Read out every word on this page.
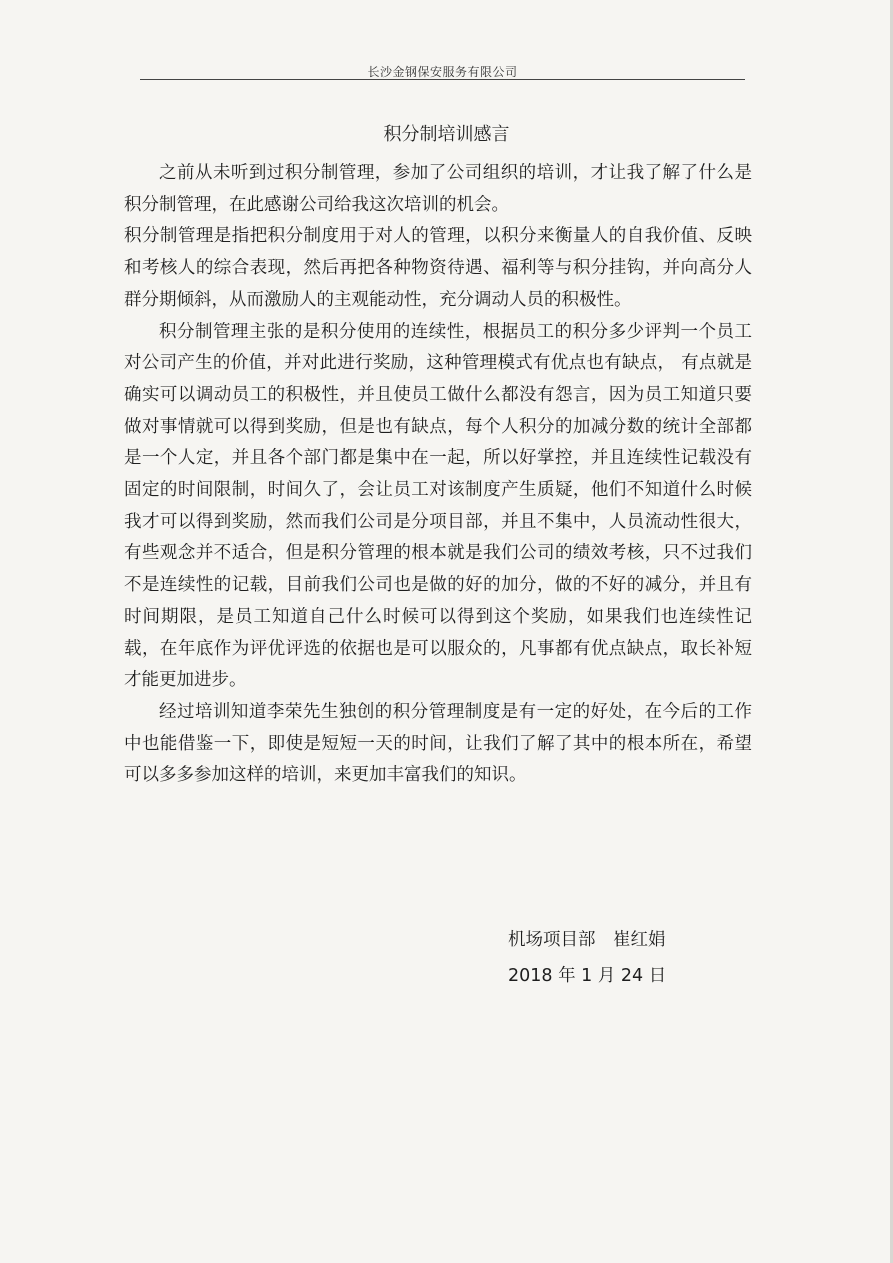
长沙金钢保安服务有限公司
积分制培训感言

之前从未听到过积分制管理，参加了公司组织的培训，才让我了解了什么是积分制管理，在此感谢公司给我这次培训的机会。

积分制管理是指把积分制度用于对人的管理，以积分来衡量人的自我价值、反映和考核人的综合表现，然后再把各种物资待遇、福利等与积分挂钩，并向高分人群分期倾斜，从而激励人的主观能动性，充分调动人员的积极性。

积分制管理主张的是积分使用的连续性，根据员工的积分多少评判一个员工对公司产生的价值，并对此进行奖励，这种管理模式有优点也有缺点， 有点就是确实可以调动员工的积极性，并且使员工做什么都没有怨言，因为员工知道只要做对事情就可以得到奖励，但是也有缺点，每个人积分的加减分数的统计全部都是一个人定，并且各个部门都是集中在一起，所以好掌控，并且连续性记载没有固定的时间限制，时间久了，会让员工对该制度产生质疑，他们不知道什么时候我才可以得到奖励，然而我们公司是分项目部，并且不集中，人员流动性很大，有些观念并不适合，但是积分管理的根本就是我们公司的绩效考核，只不过我们不是连续性的记载，目前我们公司也是做的好的加分，做的不好的减分，并且有时间期限，是员工知道自己什么时候可以得到这个奖励，如果我们也连续性记载，在年底作为评优评选的依据也是可以服众的，凡事都有优点缺点，取长补短才能更加进步。

经过培训知道李荣先生独创的积分管理制度是有一定的好处，在今后的工作中也能借鉴一下，即使是短短一天的时间，让我们了解了其中的根本所在，希望可以多多参加这样的培训，来更加丰富我们的知识。

机场项目部　崔红娟
2018 年 1 月 24 日
